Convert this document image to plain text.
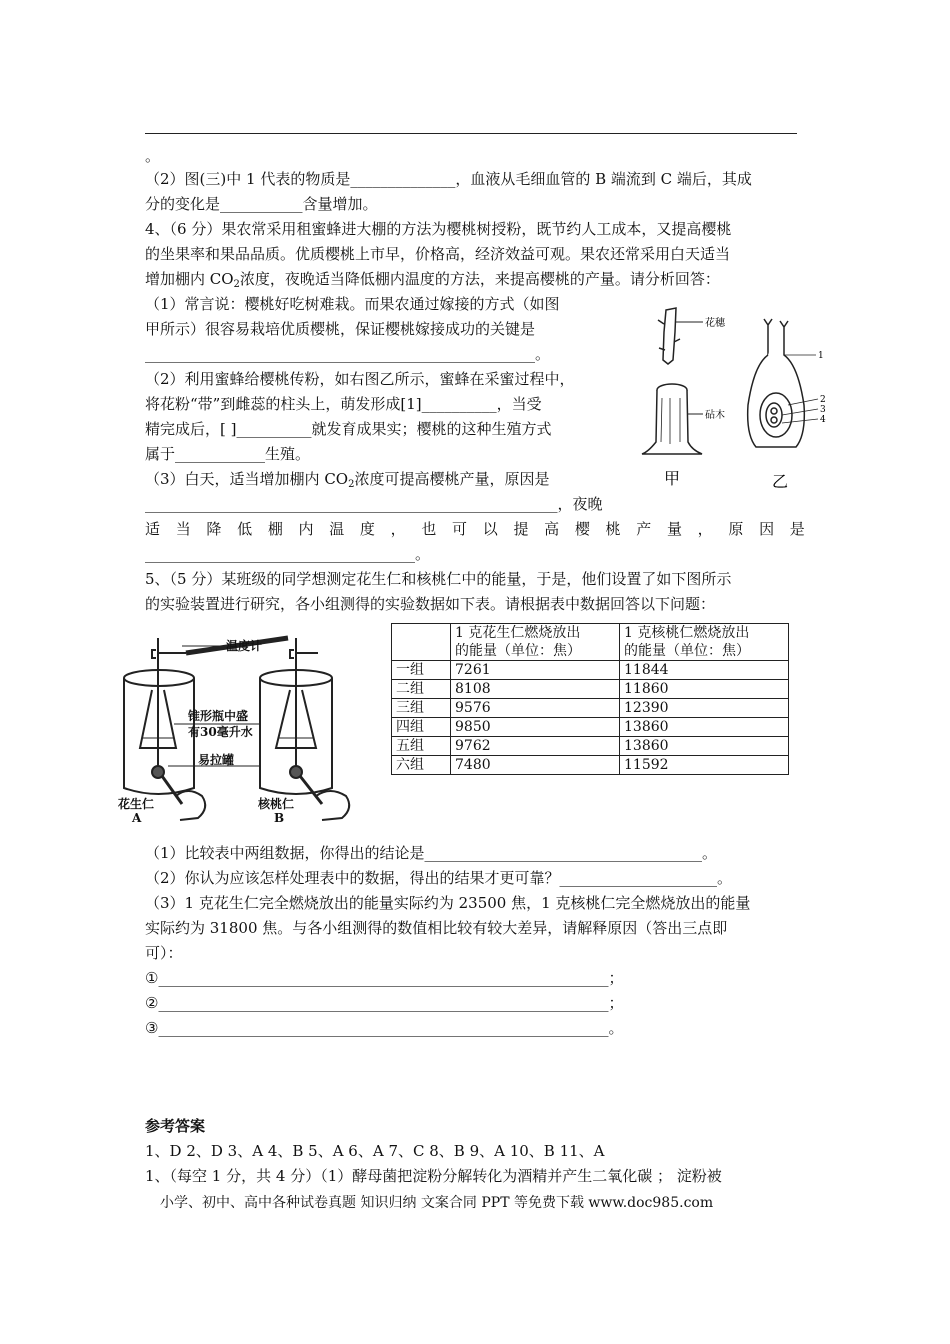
。
（2）图(三)中 1 代表的物质是______________，血液从毛细血管的 B 端流到 C 端后，其成
分的变化是___________含量增加。
4、（6 分）果农常采用租蜜蜂进大棚的方法为樱桃树授粉，既节约人工成本，又提高樱桃
的坐果率和果品品质。优质樱桃上市早，价格高，经济效益可观。果农还常采用白天适当
增加棚内 $CO_2$浓度，夜晚适当降低棚内温度的方法，来提高樱桃的产量。请分析回答：
（1）常言说：樱桃好吃树难栽。而果农通过嫁接的方式（如图
甲所示）很容易栽培优质樱桃，保证樱桃嫁接成功的关键是
____________________________________________________。
（2）利用蜜蜂给樱桃传粉，如右图乙所示，蜜蜂在采蜜过程中，
将花粉“带”到雌蕊的柱头上，萌发形成[1]__________，当受
精完成后，[ ]__________就发育成果实；樱桃的这种生殖方式
属于____________生殖。
（3）白天，适当增加棚内 $CO_2$浓度可提高樱桃产量，原因是
_______________________________________________________，夜晚
适 当 降 低 棚 内 温 度 ， 也 可 以 提 高 樱 桃 产 量 ， 原 因 是
____________________________________。
花穗
砧木
甲
1
2
3
4
乙
5、（5 分）某班级的同学想测定花生仁和核桃仁中的能量，于是，他们设置了如下图所示
的实验装置进行研究，各小组测得的实验数据如下表。请根据表中数据回答以下问题：
温度计
锥形瓶中盛
有30毫升水
易拉罐
花生仁
A
核桃仁
B
	1 克花生仁燃烧放出
的能量（单位：焦）	1 克核桃仁燃烧放出
的能量（单位：焦）
一组	7261	11844
二组	8108	11860
三组	9576	12390
四组	9850	13860
五组	9762	13860
六组	7480	11592
（1）比较表中两组数据，你得出的结论是_____________________________________。
（2）你认为应该怎样处理表中的数据，得出的结果才更可靠？_____________________。
（3）1 克花生仁完全燃烧放出的能量实际约为 23500 焦，1 克核桃仁完全燃烧放出的能量
实际约为 31800 焦。与各小组测得的数值相比较有较大差异，请解释原因（答出三点即
可）：
①____________________________________________________________；
②____________________________________________________________；
③____________________________________________________________。
参考答案
1、D 2、D 3、A 4、B 5、A 6、A 7、C 8、B 9、A 10、B 11、A
1、（每空 1 分，共 4 分）（1）酵母菌把淀粉分解转化为酒精并产生二氧化碳 ； 淀粉被
小学、初中、高中各种试卷真题 知识归纳 文案合同 PPT 等免费下载 www.doc985.com
